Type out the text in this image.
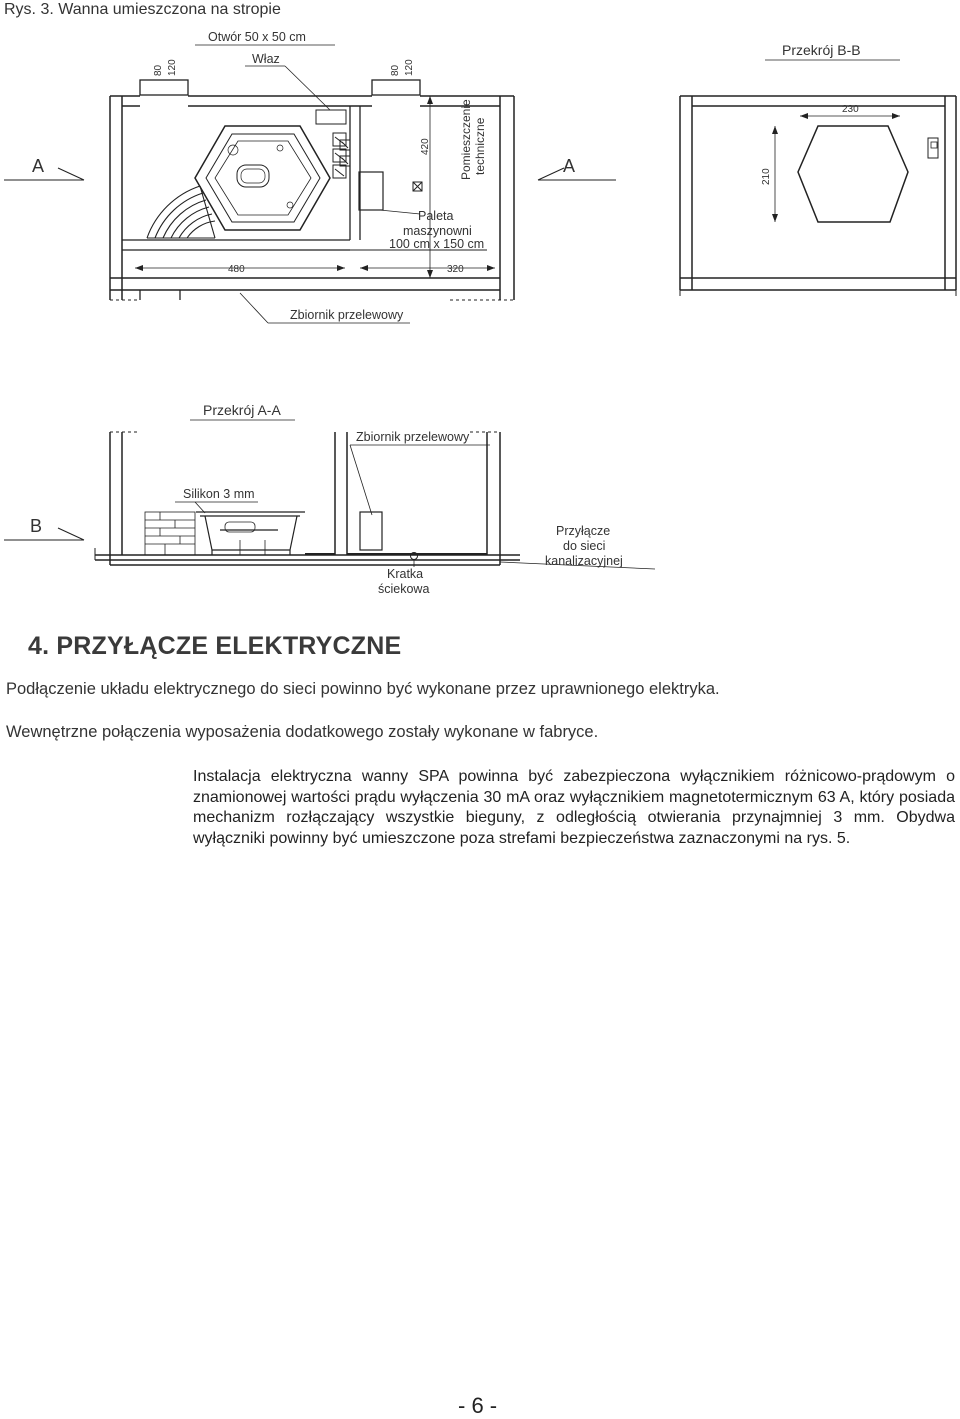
Rys. 3. Wanna umieszczona na stropie
Otwór 50 x 50 cm
Właz
80 120	80 120
420 Pomieszczenie techniczne
Paleta
maszynowni
100 cm x 150 cm
A	A
480	320
Zbiornik przelewowy
Przekrój B-B
230
210
Przekrój A-A
Zbiornik przelewowy
Silikon 3 mm
Kratka
ściekowa
B	Przyłącze
do sieci
kanalizacyjnej
4. PRZYŁĄCZE ELEKTRYCZNE

Podłączenie układu elektrycznego do sieci powinno być wykonane przez uprawnionego elektryka.

Wewnętrzne połączenia wyposażenia dodatkowego zostały wykonane w fabryce.

Instalacja elektryczna wanny SPA powinna być zabezpieczona wyłącznikiem różnicowo-prądowym o znamionowej wartości prądu wyłączenia 30 mA oraz wyłącznikiem magnetotermicznym 63 A, który posiada mechanizm rozłączający wszystkie bieguny, z odległością otwierania przynajmniej 3 mm. Obydwa wyłączniki powinny być umieszczone poza strefami bezpieczeństwa zaznaczonymi na rys. 5.

- 6 -
